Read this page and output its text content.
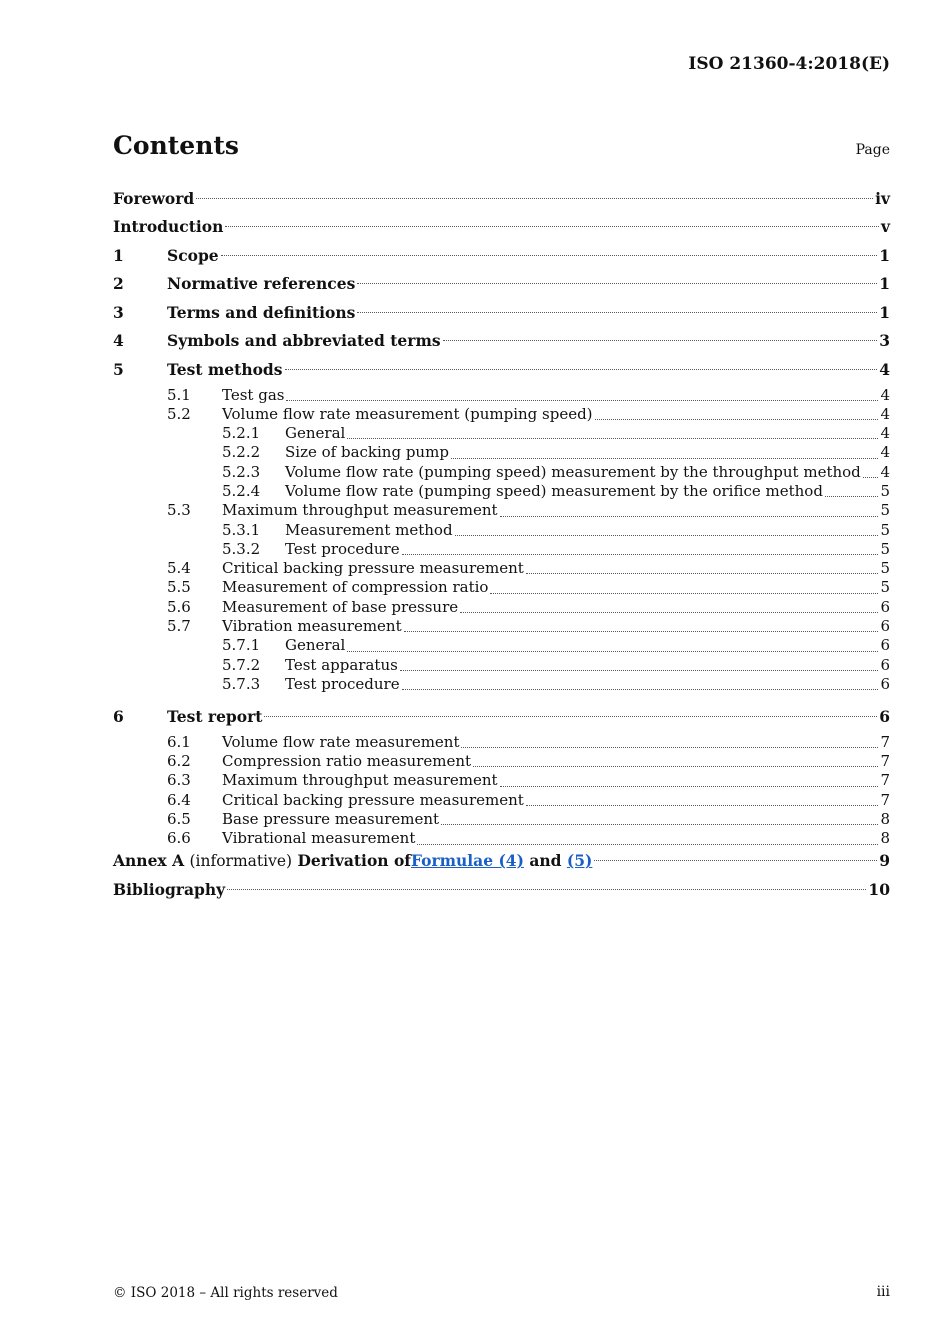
ISO 21360-4:2018(E)
Contents	Page
Foreword	iv
Introduction	v
1	Scope	1
2	Normative references	1
3	Terms and definitions	1
4	Symbols and abbreviated terms	3
5	Test methods	4
5.1	Test gas	4
5.2	Volume flow rate measurement (pumping speed)	4
5.2.1	General	4
5.2.2	Size of backing pump	4
5.2.3	Volume flow rate (pumping speed) measurement by the throughput method 4
5.2.4	Volume flow rate (pumping speed) measurement by the orifice method	5
5.3	Maximum throughput measurement	5
5.3.1	Measurement method	5
5.3.2	Test procedure	5
5.4	Critical backing pressure measurement	5
5.5	Measurement of compression ratio	5
5.6	Measurement of base pressure	6
5.7	Vibration measurement	6
5.7.1	General	6
5.7.2	Test apparatus	6
5.7.3	Test procedure	6
6	Test report	6
6.1	Volume flow rate measurement	7
6.2	Compression ratio measurement	7
6.3	Maximum throughput measurement	7
6.4	Critical backing pressure measurement	7
6.5	Base pressure measurement	8
6.6	Vibrational measurement	8
Annex A (informative) Derivation ofFormulae (4) and (5)	9
Bibliography	10
© ISO 2018 – All rights reserved	iii
